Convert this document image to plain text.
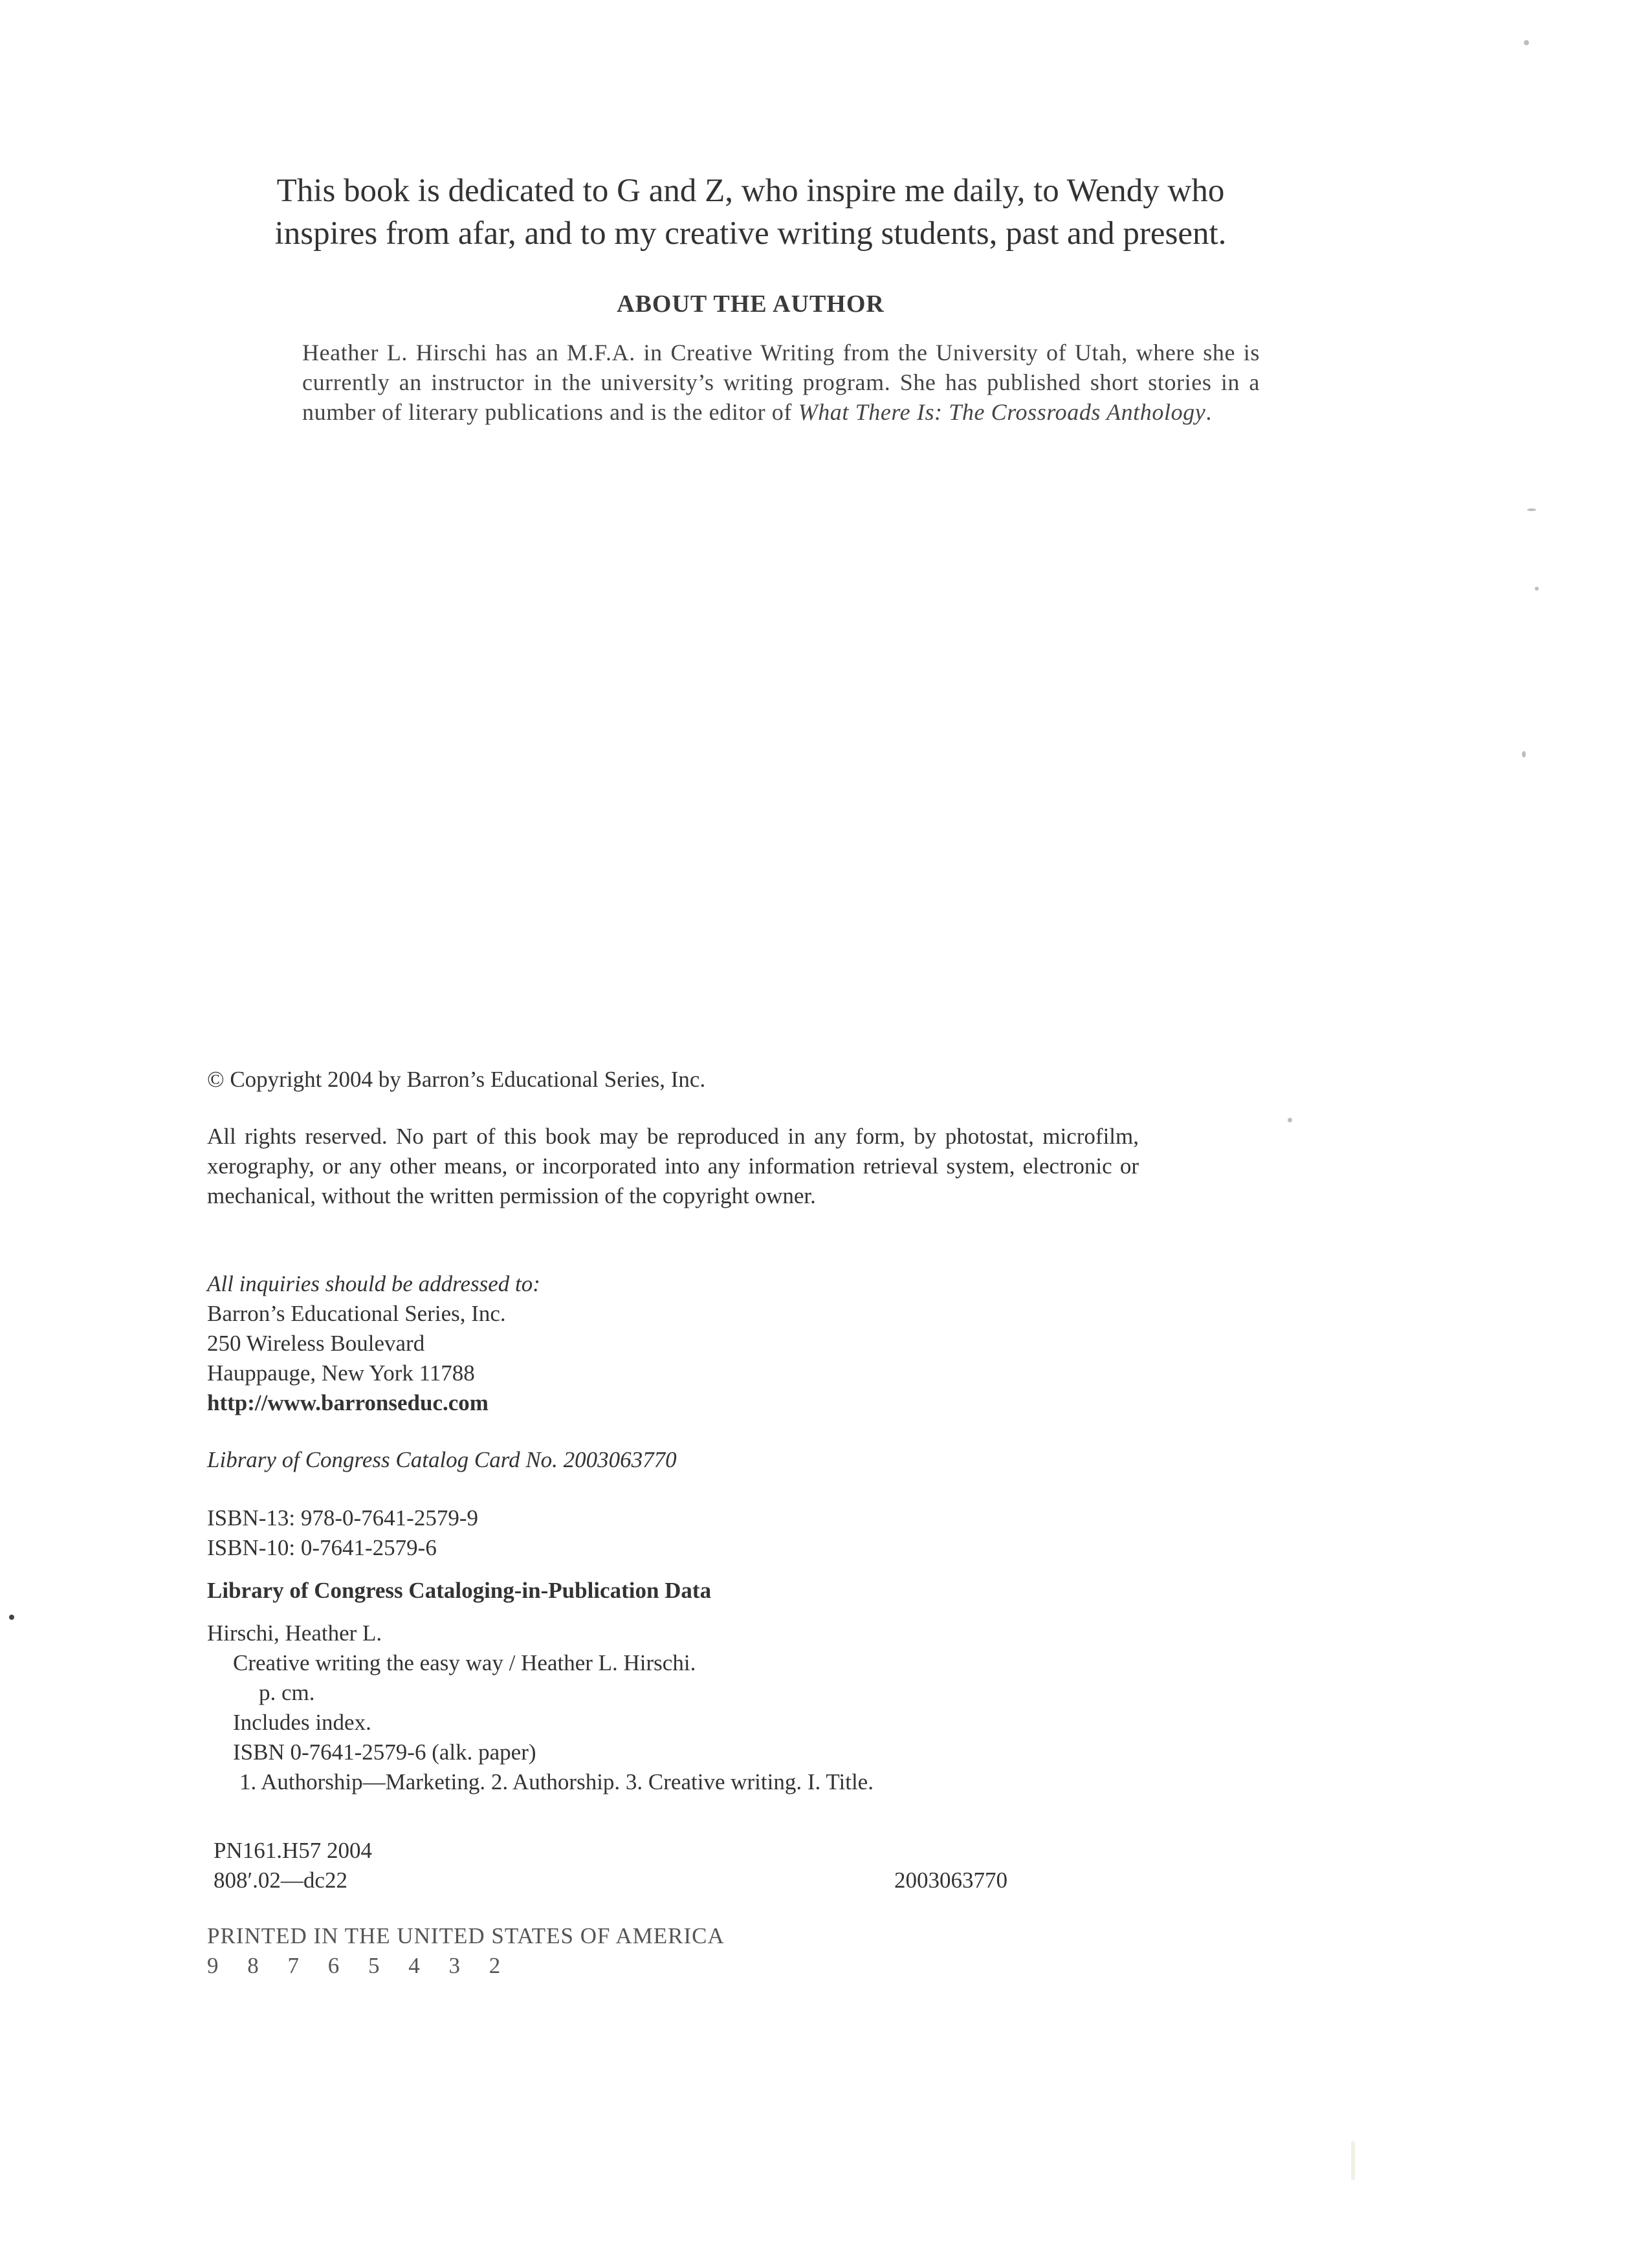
This book is dedicated to G and Z, who inspire me daily, to Wendy who
inspires from afar, and to my creative writing students, past and present.
ABOUT THE AUTHOR
Heather L. Hirschi has an M.F.A. in Creative Writing from the University of Utah, where she is currently an instructor in the university’s writing program. She has published short stories in a number of literary publications and is the editor of What There Is: The Crossroads Anthology.
© Copyright 2004 by Barron’s Educational Series, Inc.
All rights reserved. No part of this book may be reproduced in any form, by photostat, microfilm, xerography, or any other means, or incorporated into any information retrieval system, electronic or mechanical, without the written permission of the copyright owner.
All inquiries should be addressed to:
Barron’s Educational Series, Inc.
250 Wireless Boulevard
Hauppauge, New York 11788
http://www.barronseduc.com
Library of Congress Catalog Card No. 2003063770
ISBN-13: 978-0-7641-2579-9
ISBN-10: 0-7641-2579-6
Library of Congress Cataloging-in-Publication Data
Hirschi, Heather L.
Creative writing the easy way / Heather L. Hirschi.
p. cm.
Includes index.
ISBN 0-7641-2579-6 (alk. paper)
1. Authorship—Marketing. 2. Authorship. 3. Creative writing. I. Title.
PN161.H57 2004
808′.02—dc22	2003063770
PRINTED IN THE UNITED STATES OF AMERICA
9 8 7 6 5 4 3 2
